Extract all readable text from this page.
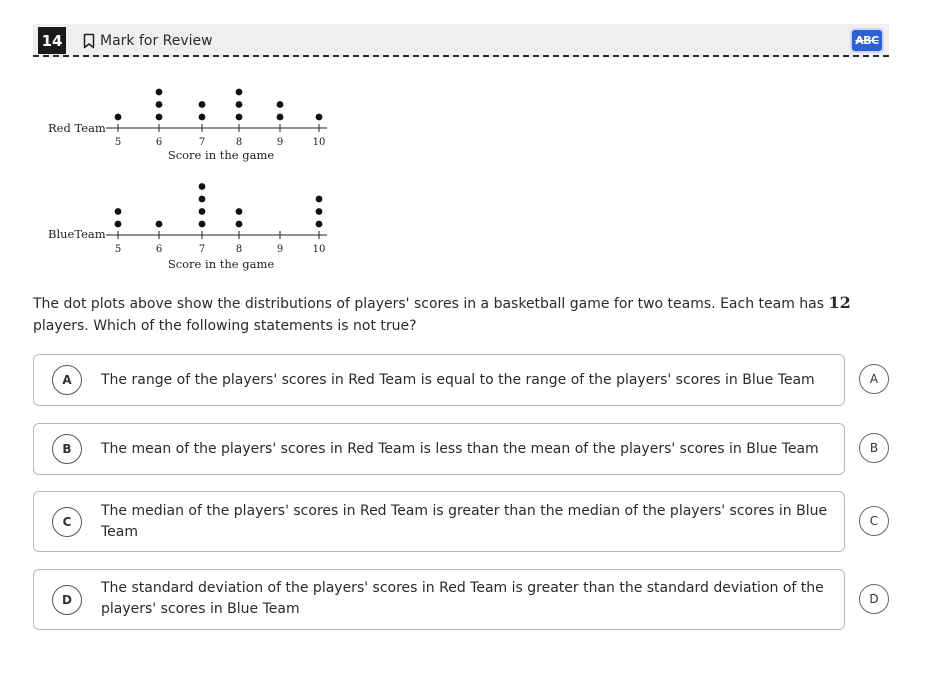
14	Mark for Review	ABC
Red Team
Score in the game
5	6	7	8	9	10
BlueTeam
Score in the game
5	6	7	8	9	10
The dot plots above show the distributions of players' scores in a basketball game for two teams. Each team has 12 players. Which of the following statements is not true?
A	The range of the players' scores in Red Team is equal to the range of the players' scores in Blue Team	A
B	The mean of the players' scores in Red Team is less than the mean of the players' scores in Blue Team	B
C
The median of the players' scores in Red Team is greater than the median of the players' scores in Blue Team
C
D
The standard deviation of the players' scores in Red Team is greater than the standard deviation of the players' scores in Blue Team
D
